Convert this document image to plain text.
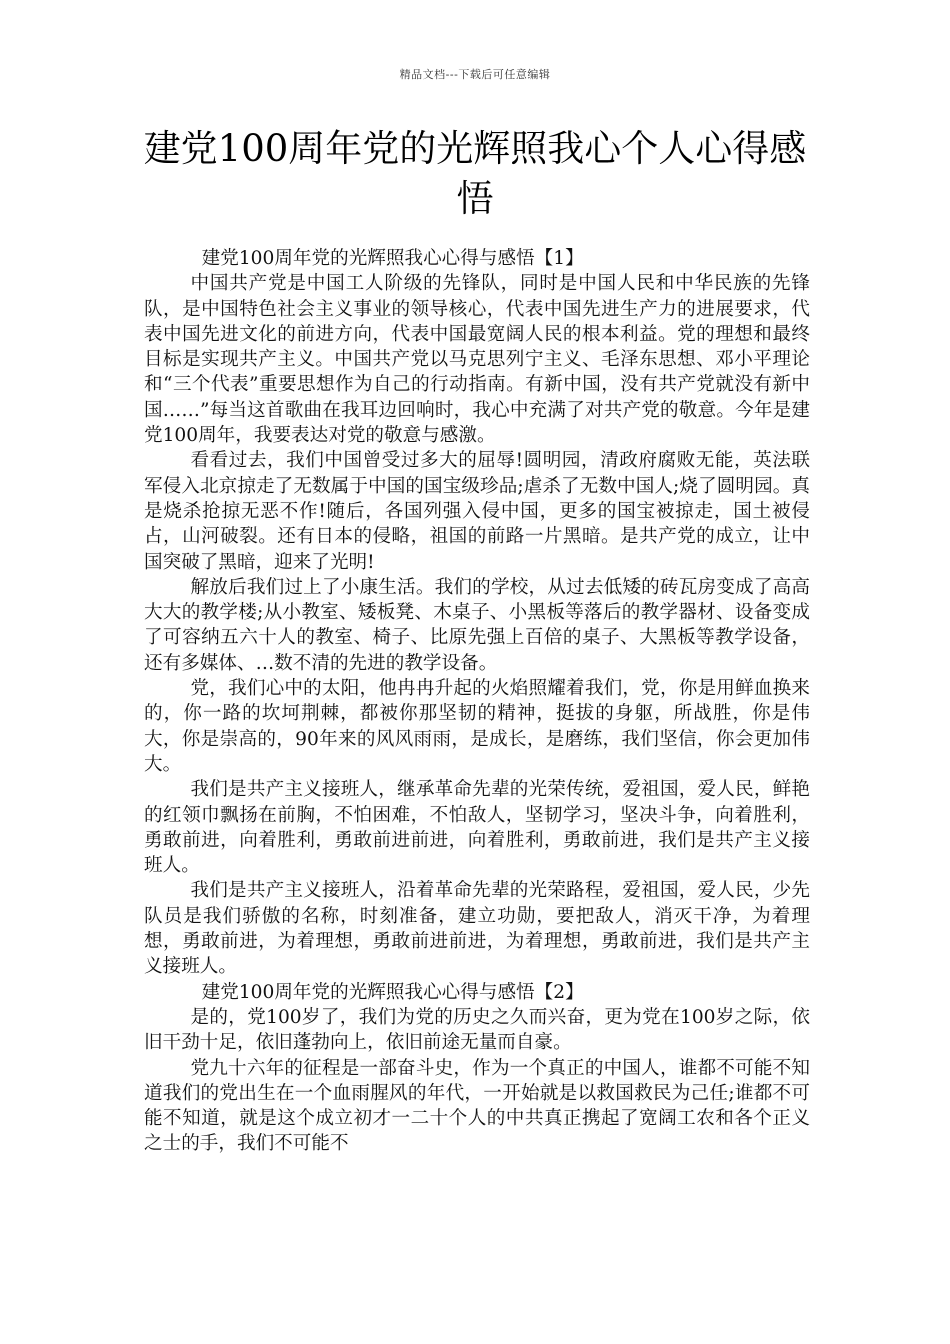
精品文档---下载后可任意编辑
建党100周年党的光辉照我心个人心得感悟

建党100周年党的光辉照我心心得与感悟【1】

中国共产党是中国工人阶级的先锋队，同时是中国人民和中华民族的先锋队，是中国特色社会主义事业的领导核心，代表中国先进生产力的进展要求，代表中国先进文化的前进方向，代表中国最宽阔人民的根本利益。党的理想和最终目标是实现共产主义。中国共产党以马克思列宁主义、毛泽东思想、邓小平理论和“三个代表”重要思想作为自己的行动指南。有新中国，没有共产党就没有新中国……”每当这首歌曲在我耳边回响时，我心中充满了对共产党的敬意。今年是建党100周年，我要表达对党的敬意与感激。

看看过去，我们中国曾受过多大的屈辱!圆明园，清政府腐败无能，英法联军侵入北京掠走了无数属于中国的国宝级珍品;虐杀了无数中国人;烧了圆明园。真是烧杀抢掠无恶不作!随后，各国列强入侵中国，更多的国宝被掠走，国土被侵占，山河破裂。还有日本的侵略，祖国的前路一片黑暗。是共产党的成立，让中国突破了黑暗，迎来了光明!

解放后我们过上了小康生活。我们的学校，从过去低矮的砖瓦房变成了高高大大的教学楼;从小教室、矮板凳、木桌子、小黑板等落后的教学器材、设备变成了可容纳五六十人的教室、椅子、比原先强上百倍的桌子、大黑板等教学设备，还有多媒体、…数不清的先进的教学设备。

党，我们心中的太阳，他冉冉升起的火焰照耀着我们，党，你是用鲜血换来的，你一路的坎坷荆棘，都被你那坚韧的精神，挺拔的身躯，所战胜，你是伟大，你是崇高的，90年来的风风雨雨，是成长，是磨练，我们坚信，你会更加伟大。

我们是共产主义接班人，继承革命先辈的光荣传统，爱祖国，爱人民，鲜艳的红领巾飘扬在前胸，不怕困难，不怕敌人，坚韧学习，坚决斗争，向着胜利，勇敢前进，向着胜利，勇敢前进前进，向着胜利，勇敢前进，我们是共产主义接班人。

我们是共产主义接班人，沿着革命先辈的光荣路程，爱祖国，爱人民，少先队员是我们骄傲的名称，时刻准备，建立功勋，要把敌人，消灭干净，为着理想，勇敢前进，为着理想，勇敢前进前进，为着理想，勇敢前进，我们是共产主义接班人。

建党100周年党的光辉照我心心得与感悟【2】

是的，党100岁了，我们为党的历史之久而兴奋，更为党在100岁之际，依旧干劲十足，依旧蓬勃向上，依旧前途无量而自豪。

党九十六年的征程是一部奋斗史，作为一个真正的中国人，谁都不可能不知道我们的党出生在一个血雨腥风的年代，一开始就是以救国救民为己任;谁都不可能不知道，就是这个成立初才一二十个人的中共真正携起了宽阔工农和各个正义之士的手，我们不可能不
